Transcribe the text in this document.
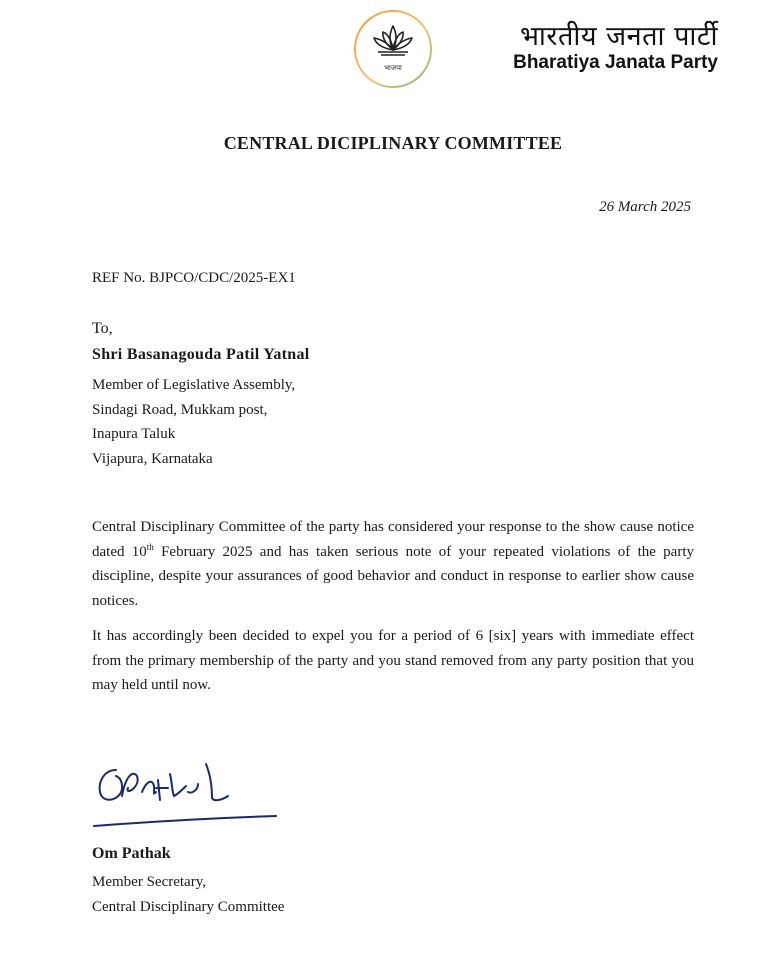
भाजपा
भारतीय जनता पार्टी
Bharatiya Janata Party
CENTRAL DICIPLINARY COMMITTEE
26 March 2025
REF No. BJPCO/CDC/2025-EX1
To,
Shri Basanagouda Patil Yatnal
Member of Legislative Assembly,
Sindagi Road, Mukkam post,
Inapura Taluk
Vijapura, Karnataka
Central Disciplinary Committee of the party has considered your response to the show cause notice dated 10th February 2025 and has taken serious note of your repeated violations of the party discipline, despite your assurances of good behavior and conduct in response to earlier show cause notices.
It has accordingly been decided to expel you for a period of 6 [six] years with immediate effect from the primary membership of the party and you stand removed from any party position that you may held until now.
Om Pathak
Member Secretary,
Central Disciplinary Committee
